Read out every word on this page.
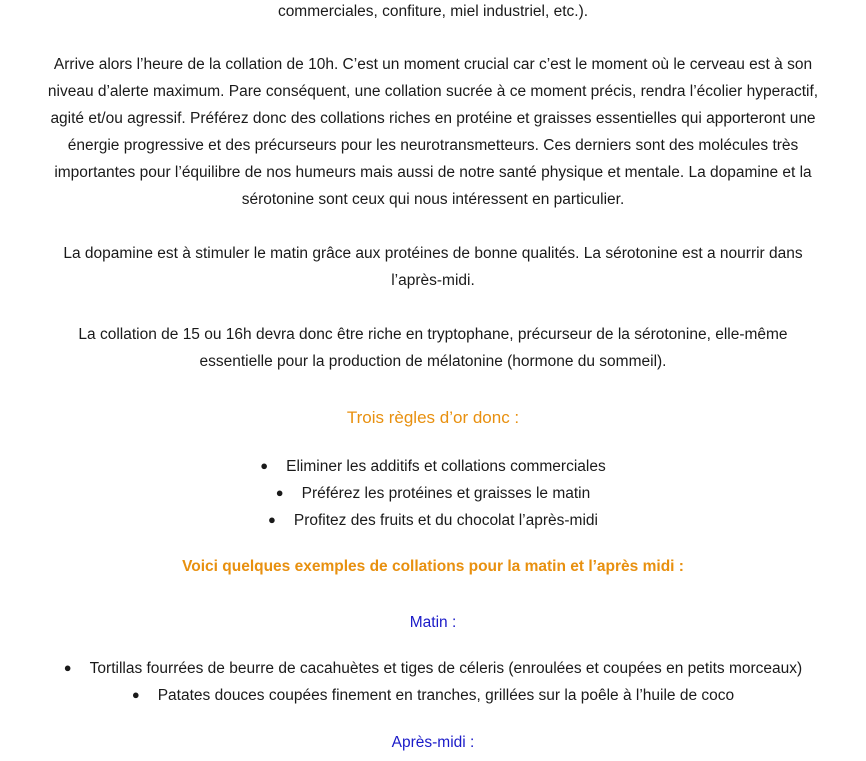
commerciales, confiture, miel industriel, etc.).

Arrive alors l’heure de la collation de 10h. C’est un moment crucial car c’est le moment où le cerveau est à son

niveau d’alerte maximum. Pare conséquent, une collation sucrée à ce moment précis, rendra l’écolier hyperactif,

agité et/ou agressif. Préférez donc des collations riches en protéine et graisses essentielles qui apporteront une

énergie progressive et des précurseurs pour les neurotransmetteurs. Ces derniers sont des molécules très

importantes pour l’équilibre de nos humeurs mais aussi de notre santé physique et mentale. La dopamine et la

sérotonine sont ceux qui nous intéressent en particulier.

La dopamine est à stimuler le matin grâce aux protéines de bonne qualités. La sérotonine est a nourrir dans

l’après-midi.

La collation de 15 ou 16h devra donc être riche en tryptophane, précurseur de la sérotonine, elle-même

essentielle pour la production de mélatonine (hormone du sommeil).

Trois règles d’or donc :

● Eliminer les additifs et collations commerciales
● Préférez les protéines et graisses le matin
● Profitez des fruits et du chocolat l’après-midi

Voici quelques exemples de collations pour la matin et l’après midi :

Matin :

● Tortillas fourrées de beurre de cacahuètes et tiges de céleris (enroulées et coupées en petits morceaux)
● Patates douces coupées finement en tranches, grillées sur la poêle à l’huile de coco

Après-midi :
